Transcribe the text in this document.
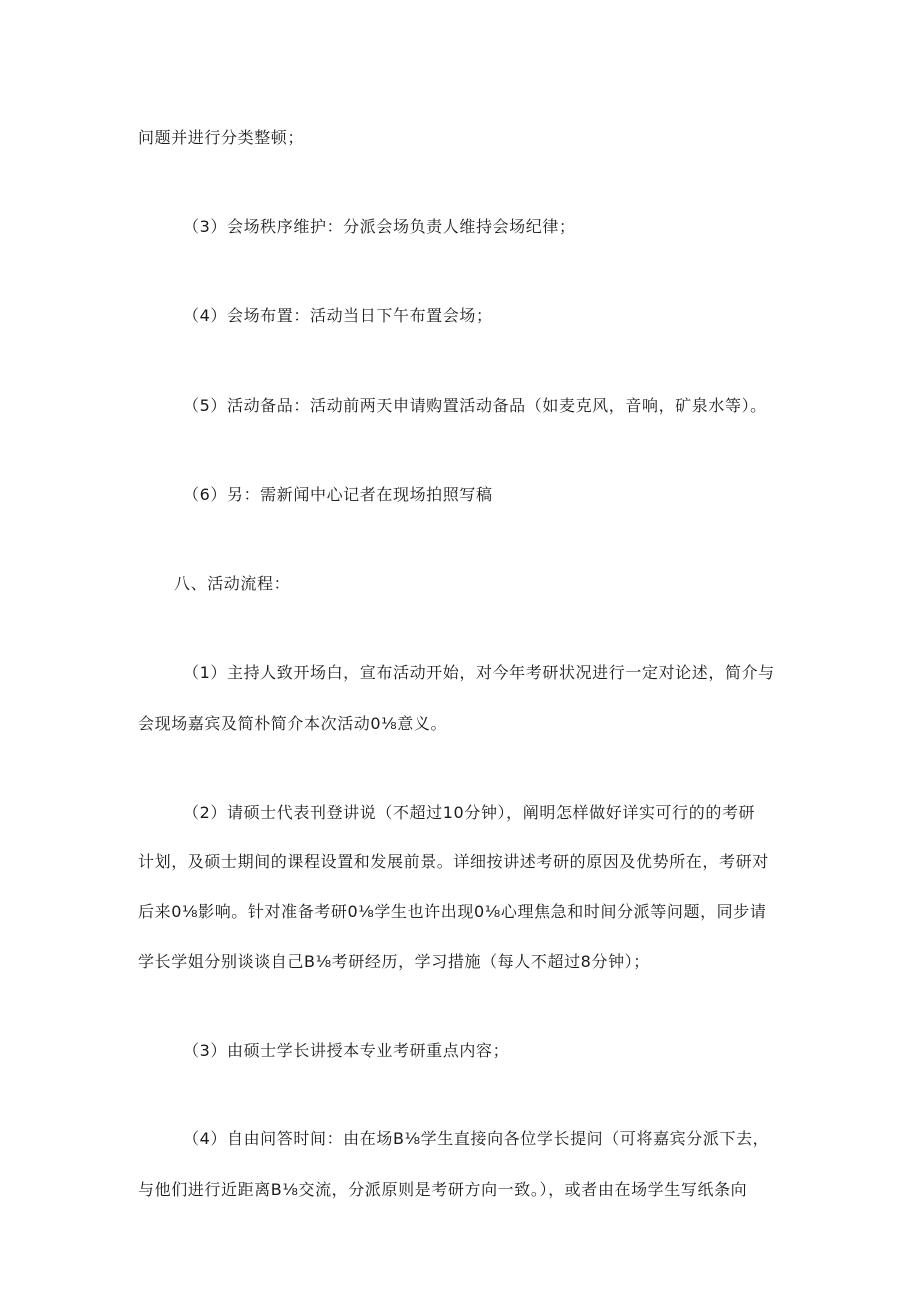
问题并进行分类整顿；
（3）会场秩序维护：分派会场负责人维持会场纪律；
（4）会场布置：活动当日下午布置会场；
（5）活动备品：活动前两天申请购置活动备品（如麦克风，音响，矿泉水等）。
（6）另：需新闻中心记者在现场拍照写稿
八、活动流程：
（1）主持人致开场白，宣布活动开始，对今年考研状况进行一定对论述，简介与
会现场嘉宾及简朴简介本次活动0⅛意义。
（2）请硕士代表刊登讲说（不超过10分钟），阐明怎样做好详实可行的的考研
计划，及硕士期间的课程设置和发展前景。详细按讲述考研的原因及优势所在，考研对
后来0⅛影响。针对准备考研0⅛学生也许出现0⅛心理焦急和时间分派等问题，同步请
学长学姐分别谈谈自己B⅛考研经历，学习措施（每人不超过8分钟）；
（3）由硕士学长讲授本专业考研重点内容；
（4）自由问答时间：由在场B⅛学生直接向各位学长提问（可将嘉宾分派下去，
与他们进行近距离B⅛交流，分派原则是考研方向一致。），或者由在场学生写纸条向
